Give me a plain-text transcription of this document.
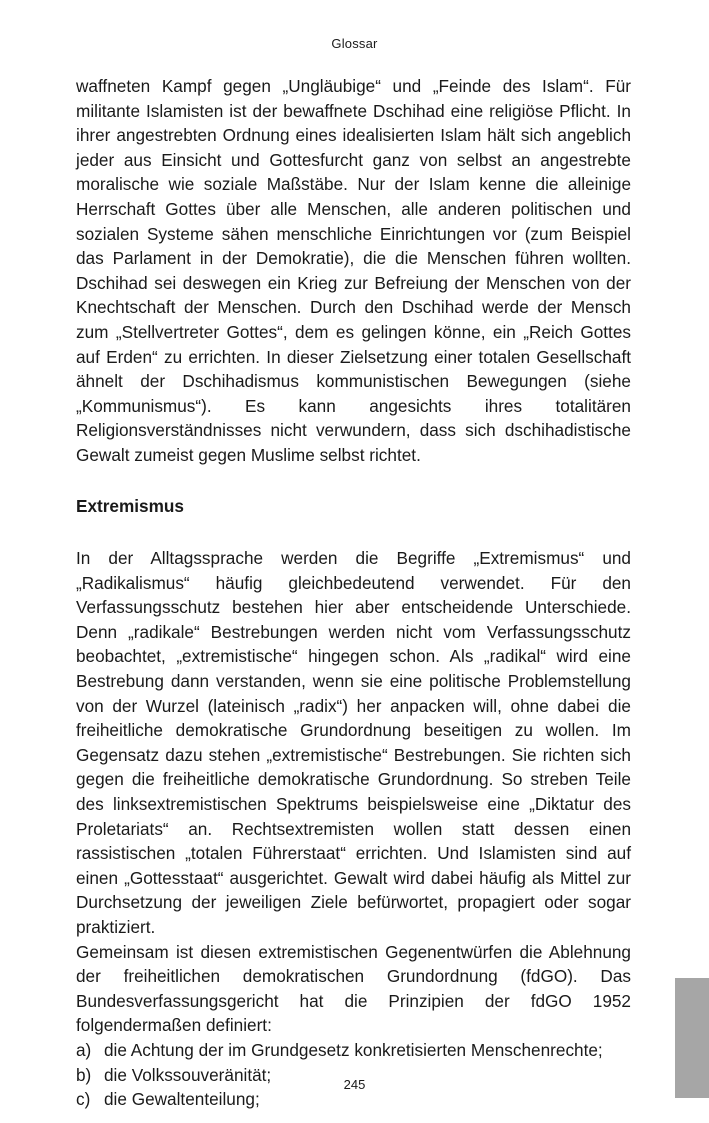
Glossar

waffneten Kampf gegen „Ungläubige“ und „Feinde des Islam“. Für militante Islamisten ist der bewaffnete Dschihad eine religiöse Pflicht. In ihrer angestrebten Ordnung eines idealisierten Islam hält sich angeblich jeder aus Einsicht und Gottesfurcht ganz von selbst an angestrebte moralische wie soziale Maßstäbe. Nur der Islam kenne die alleinige Herrschaft Gottes über alle Menschen, alle anderen politischen und sozialen Systeme sähen menschliche Einrichtungen vor (zum Beispiel das Parlament in der Demokratie), die die Menschen führen wollten. Dschihad sei deswegen ein Krieg zur Befreiung der Menschen von der Knechtschaft der Menschen. Durch den Dschihad werde der Mensch zum „Stellvertreter Gottes“, dem es gelingen könne, ein „Reich Gottes auf Erden“ zu errichten. In dieser Zielsetzung einer totalen Gesellschaft ähnelt der Dschihadismus kommunistischen Bewegungen (siehe „Kommunismus“). Es kann angesichts ihres totalitären Religionsverständnisses nicht verwundern, dass sich dschihadistische Gewalt zumeist gegen Muslime selbst richtet.

Extremismus

In der Alltagssprache werden die Begriffe „Extremismus“ und „Radikalismus“ häufig gleichbedeutend verwendet. Für den Verfassungsschutz bestehen hier aber entscheidende Unterschiede. Denn „radikale“ Bestrebungen werden nicht vom Verfassungsschutz beobachtet, „extremistische“ hingegen schon. Als „radikal“ wird eine Bestrebung dann verstanden, wenn sie eine politische Problemstellung von der Wurzel (lateinisch „radix“) her anpacken will, ohne dabei die freiheitliche demokratische Grundordnung beseitigen zu wollen. Im Gegensatz dazu stehen „extremistische“ Bestrebungen. Sie richten sich gegen die freiheitliche demokratische Grundordnung. So streben Teile des linksextremistischen Spektrums beispielsweise eine „Diktatur des Proletariats“ an. Rechtsextremisten wollen statt dessen einen rassistischen „totalen Führerstaat“ errichten. Und Islamisten sind auf einen „Gottesstaat“ ausgerichtet. Gewalt wird dabei häufig als Mittel zur Durchsetzung der jeweiligen Ziele befürwortet, propagiert oder sogar praktiziert.

Gemeinsam ist diesen extremistischen Gegenentwürfen die Ablehnung der freiheitlichen demokratischen Grundordnung (fdGO). Das Bundesverfassungsgericht hat die Prinzipien der fdGO 1952 folgendermaßen definiert:

a) die Achtung der im Grundgesetz konkretisierten Menschenrechte;
b) die Volkssouveränität;
c) die Gewaltenteilung;
245
